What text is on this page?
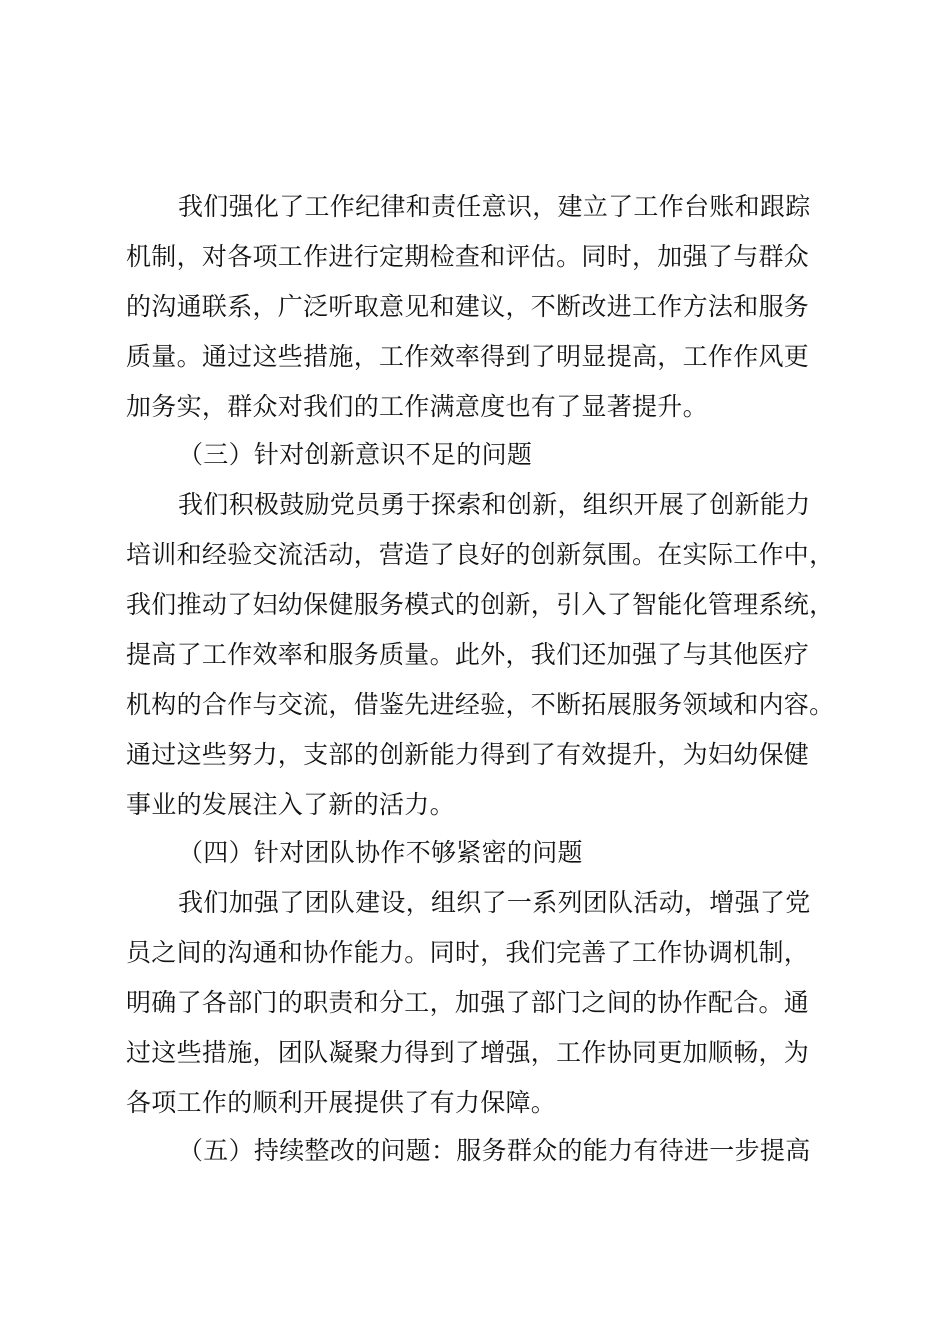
我们强化了工作纪律和责任意识，建立了工作台账和跟踪
机制，对各项工作进行定期检查和评估。同时，加强了与群众
的沟通联系，广泛听取意见和建议，不断改进工作方法和服务
质量。通过这些措施，工作效率得到了明显提高，工作作风更
加务实，群众对我们的工作满意度也有了显著提升。
（三）针对创新意识不足的问题
我们积极鼓励党员勇于探索和创新，组织开展了创新能力
培训和经验交流活动，营造了良好的创新氛围。在实际工作中，
我们推动了妇幼保健服务模式的创新，引入了智能化管理系统，
提高了工作效率和服务质量。此外，我们还加强了与其他医疗
机构的合作与交流，借鉴先进经验，不断拓展服务领域和内容。
通过这些努力，支部的创新能力得到了有效提升，为妇幼保健
事业的发展注入了新的活力。
（四）针对团队协作不够紧密的问题
我们加强了团队建设，组织了一系列团队活动，增强了党
员之间的沟通和协作能力。同时，我们完善了工作协调机制，
明确了各部门的职责和分工，加强了部门之间的协作配合。通
过这些措施，团队凝聚力得到了增强，工作协同更加顺畅，为
各项工作的顺利开展提供了有力保障。
（五）持续整改的问题：服务群众的能力有待进一步提高
